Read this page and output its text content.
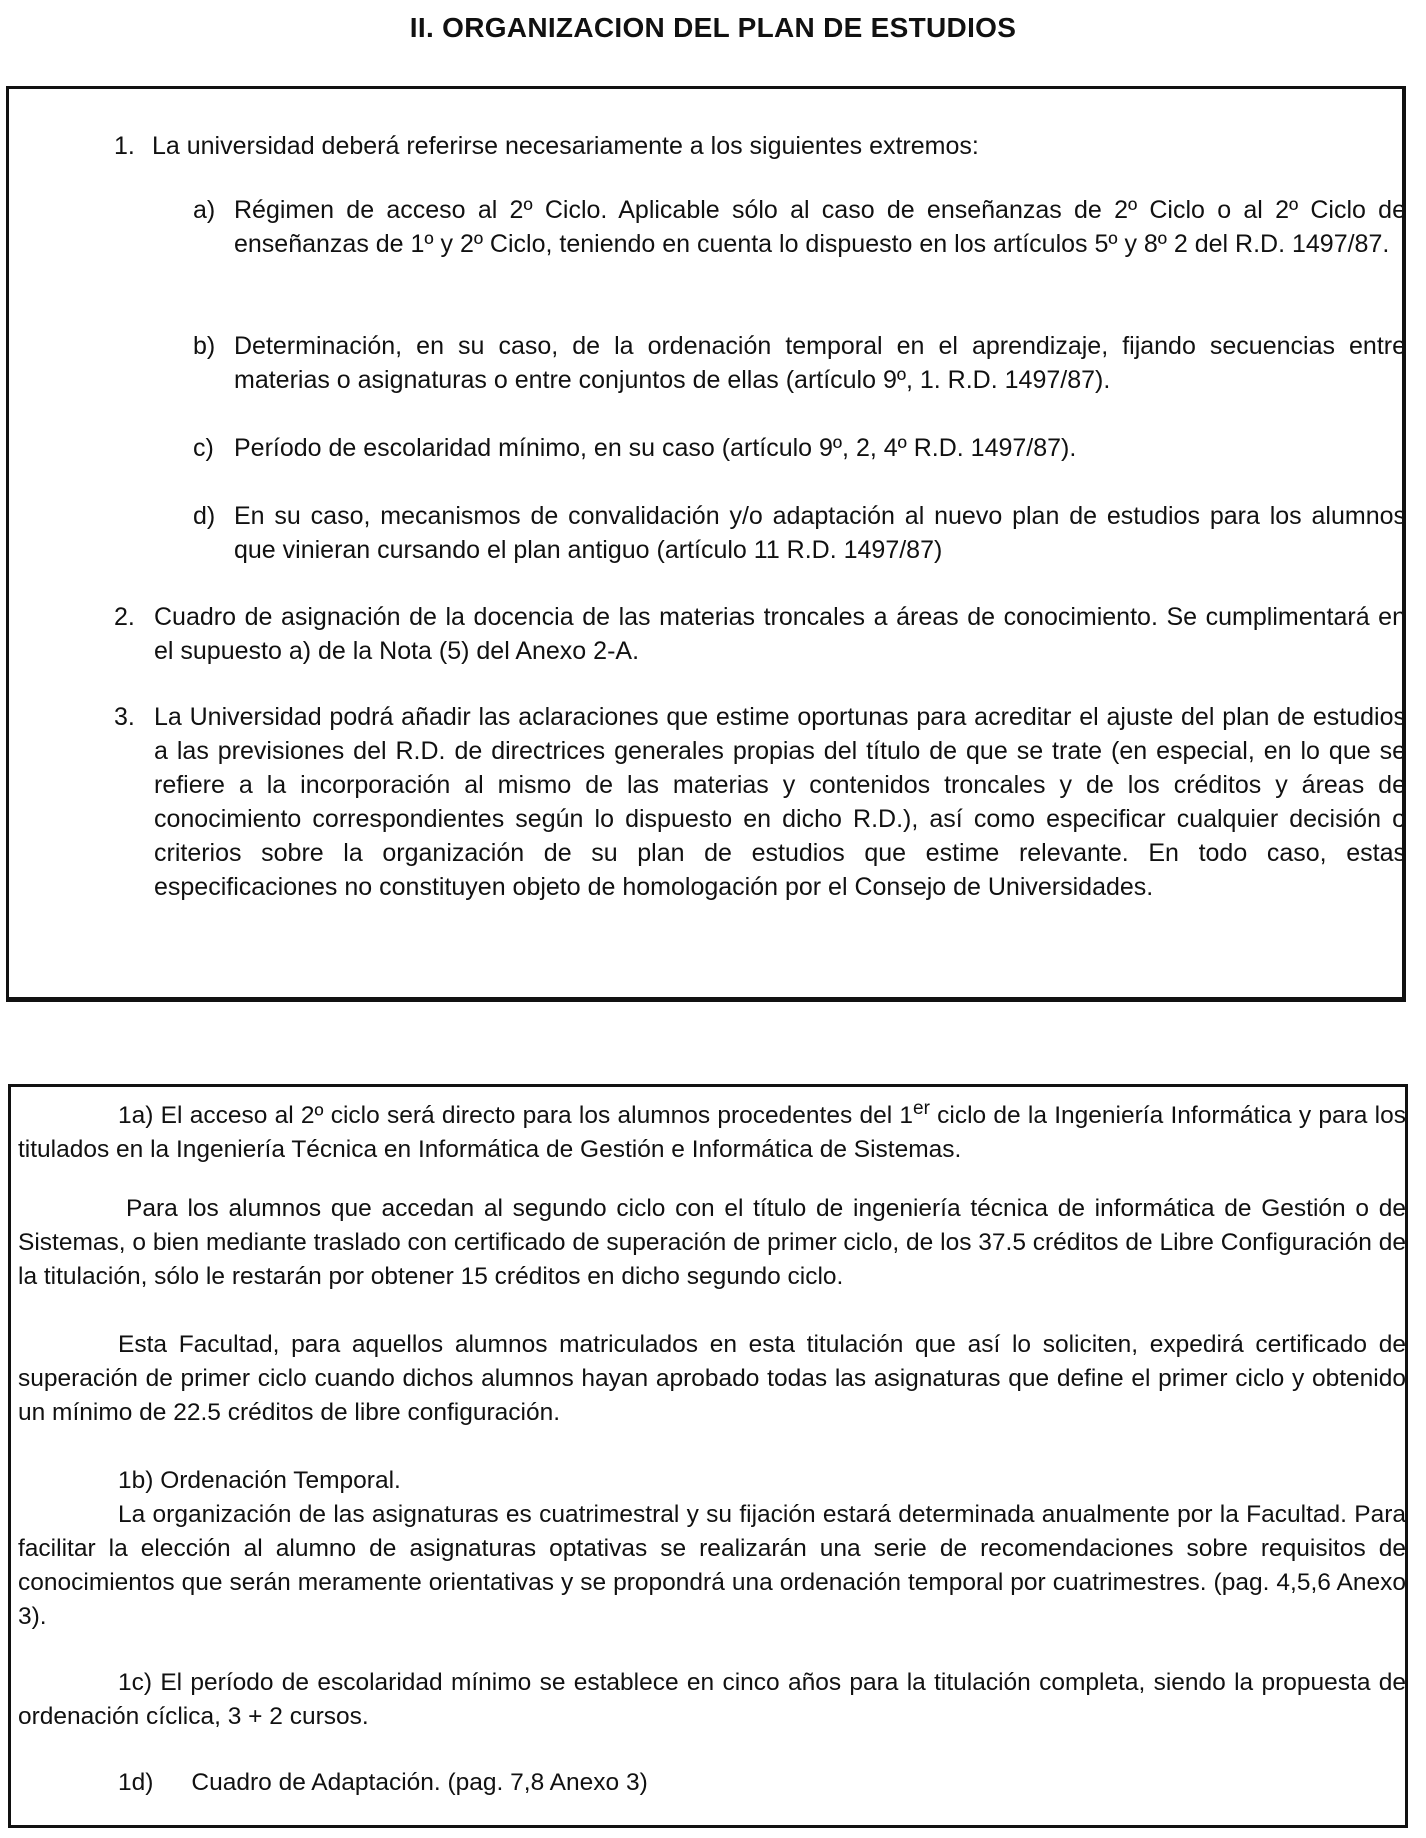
II. ORGANIZACION DEL PLAN DE ESTUDIOS
1. La universidad deberá referirse necesariamente a los siguientes extremos:
a) Régimen de acceso al 2º Ciclo. Aplicable sólo al caso de enseñanzas de 2º Ciclo o al 2º Ciclo de enseñanzas de 1º y 2º Ciclo, teniendo en cuenta lo dispuesto en los artículos 5º y 8º 2 del R.D. 1497/87.
b) Determinación, en su caso, de la ordenación temporal en el aprendizaje, fijando secuencias entre materias o asignaturas o entre conjuntos de ellas (artículo 9º, 1. R.D. 1497/87).
c) Período de escolaridad mínimo, en su caso (artículo 9º, 2, 4º R.D. 1497/87).
d) En su caso, mecanismos de convalidación y/o adaptación al nuevo plan de estudios para los alumnos que vinieran cursando el plan antiguo (artículo 11 R.D. 1497/87)
2. Cuadro de asignación de la docencia de las materias troncales a áreas de conocimiento. Se cumplimentará en el supuesto a) de la Nota (5) del Anexo 2-A.
3. La Universidad podrá añadir las aclaraciones que estime oportunas para acreditar el ajuste del plan de estudios a las previsiones del R.D. de directrices generales propias del título de que se trate (en especial, en lo que se refiere a la incorporación al mismo de las materias y contenidos troncales y de los créditos y áreas de conocimiento correspondientes según lo dispuesto en dicho R.D.), así como especificar cualquier decisión o criterios sobre la organización de su plan de estudios que estime relevante. En todo caso, estas especificaciones no constituyen objeto de homologación por el Consejo de Universidades.
1a) El acceso al 2º ciclo será directo para los alumnos procedentes del 1er ciclo de la Ingeniería Informática y para los titulados en la Ingeniería Técnica en Informática de Gestión e Informática de Sistemas.
Para los alumnos que accedan al segundo ciclo con el título de ingeniería técnica de informática de Gestión o de Sistemas, o bien mediante traslado con certificado de superación de primer ciclo, de los 37.5 créditos de Libre Configuración de la titulación, sólo le restarán por obtener 15 créditos en dicho segundo ciclo.
Esta Facultad, para aquellos alumnos matriculados en esta titulación que así lo soliciten, expedirá certificado de superación de primer ciclo cuando dichos alumnos hayan aprobado todas las asignaturas que define el primer ciclo y obtenido un mínimo de 22.5 créditos de libre configuración.
1b) Ordenación Temporal.
La organización de las asignaturas es cuatrimestral y su fijación estará determinada anualmente por la Facultad. Para facilitar la elección al alumno de asignaturas optativas se realizarán una serie de recomendaciones sobre requisitos de conocimientos que serán meramente orientativas y se propondrá una ordenación temporal por cuatrimestres. (pag. 4,5,6 Anexo 3).
1c) El período de escolaridad mínimo se establece en cinco años para la titulación completa, siendo la propuesta de ordenación cíclica, 3 + 2 cursos.
1d) Cuadro de Adaptación. (pag. 7,8 Anexo 3)
